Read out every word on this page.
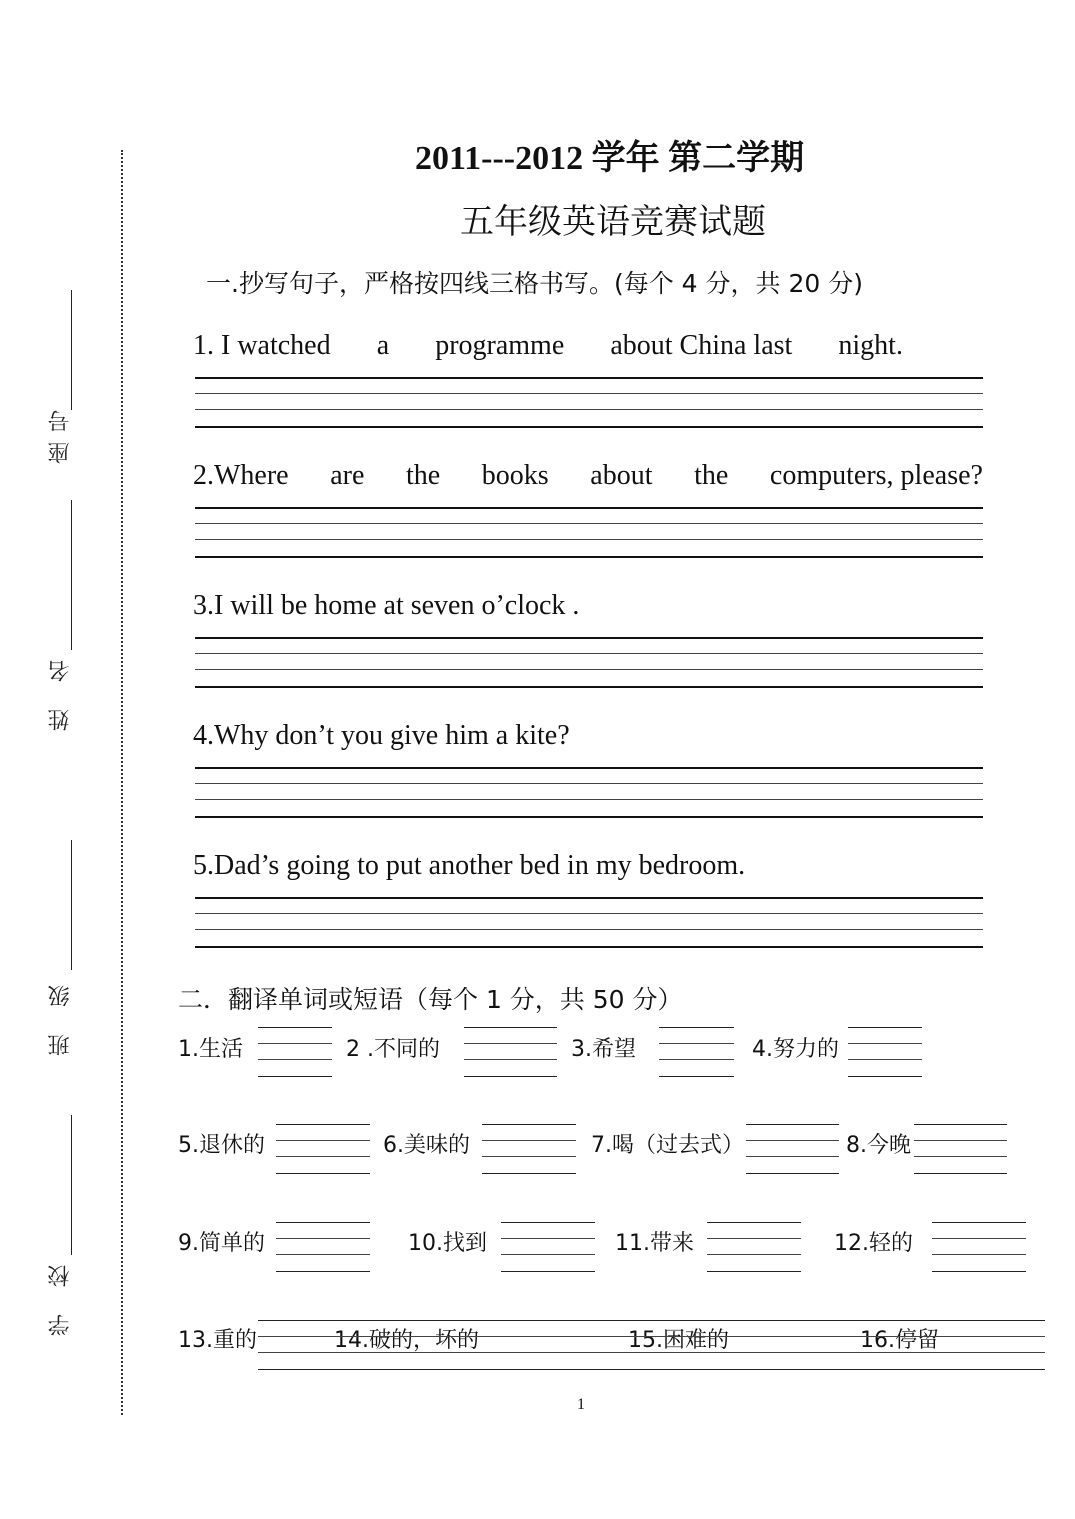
座号
姓 名
班 级
学 校
2011---2012 学年 第二学期
五年级英语竞赛试题
一.抄写句子，严格按四线三格书写。(每个 4 分，共 20 分)
1. I watched a programme about China last night.
2.Where are the books about the computers, please?
3.I will be home at seven o’clock .
4.Why don’t you give him a kite?
5.Dad’s going to put another bed in my bedroom.
二．翻译单词或短语（每个 1 分，共 50 分）
1.生活	2 .不同的	3.希望	4.努力的
5.退休的	6.美味的	7.喝（过去式）	8.今晚
9.简单的	10.找到	11.带来	12.轻的
13.重的	14.破的，坏的	15.困难的	16.停留
1
